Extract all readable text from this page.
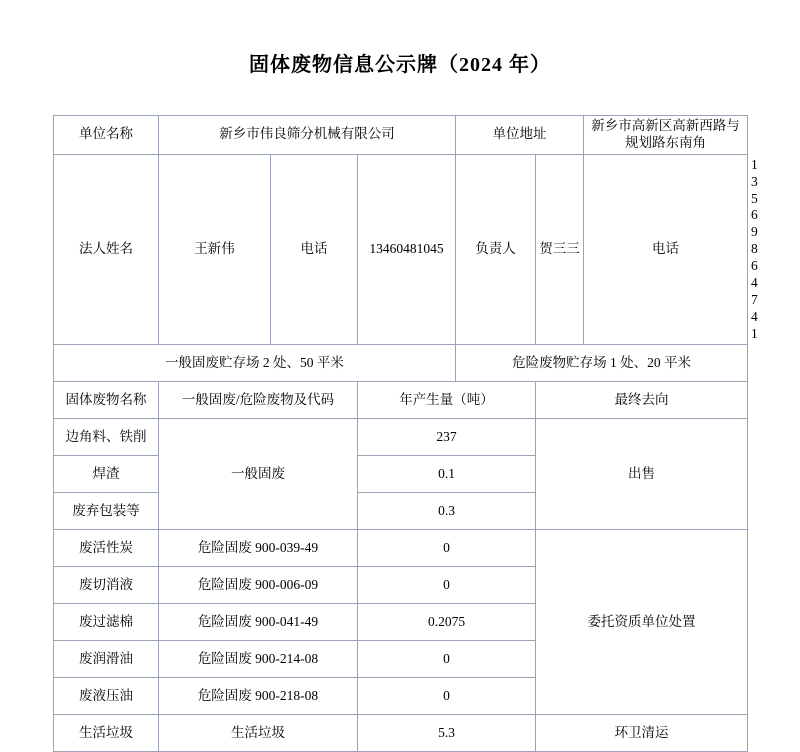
固体废物信息公示牌（2024 年）
单位名称	新乡市伟良筛分机械有限公司			单位地址		新乡市高新区高新西路与规划路东南角	
法人姓名	王新伟	电话	13460481045	负责人	贺三三	电话	13569864741
一般固废贮存场 2 处、50 平米				危险废物贮存场 1 处、20 平米			
固体废物名称	一般固废/危险废物及代码		年产生量（吨）		最终去向		
边角料、铁削	一般固废		237		出售		
焊渣			0.1				
废弃包装等			0.3				
废活性炭	危险固废 900-039-49		0		委托资质单位处置		
废切消液	危险固废 900-006-09		0				
废过滤棉	危险固废 900-041-49		0.2075				
废润滑油	危险固废 900-214-08		0				
废液压油	危险固废 900-218-08		0				
生活垃圾	生活垃圾		5.3		环卫清运		
